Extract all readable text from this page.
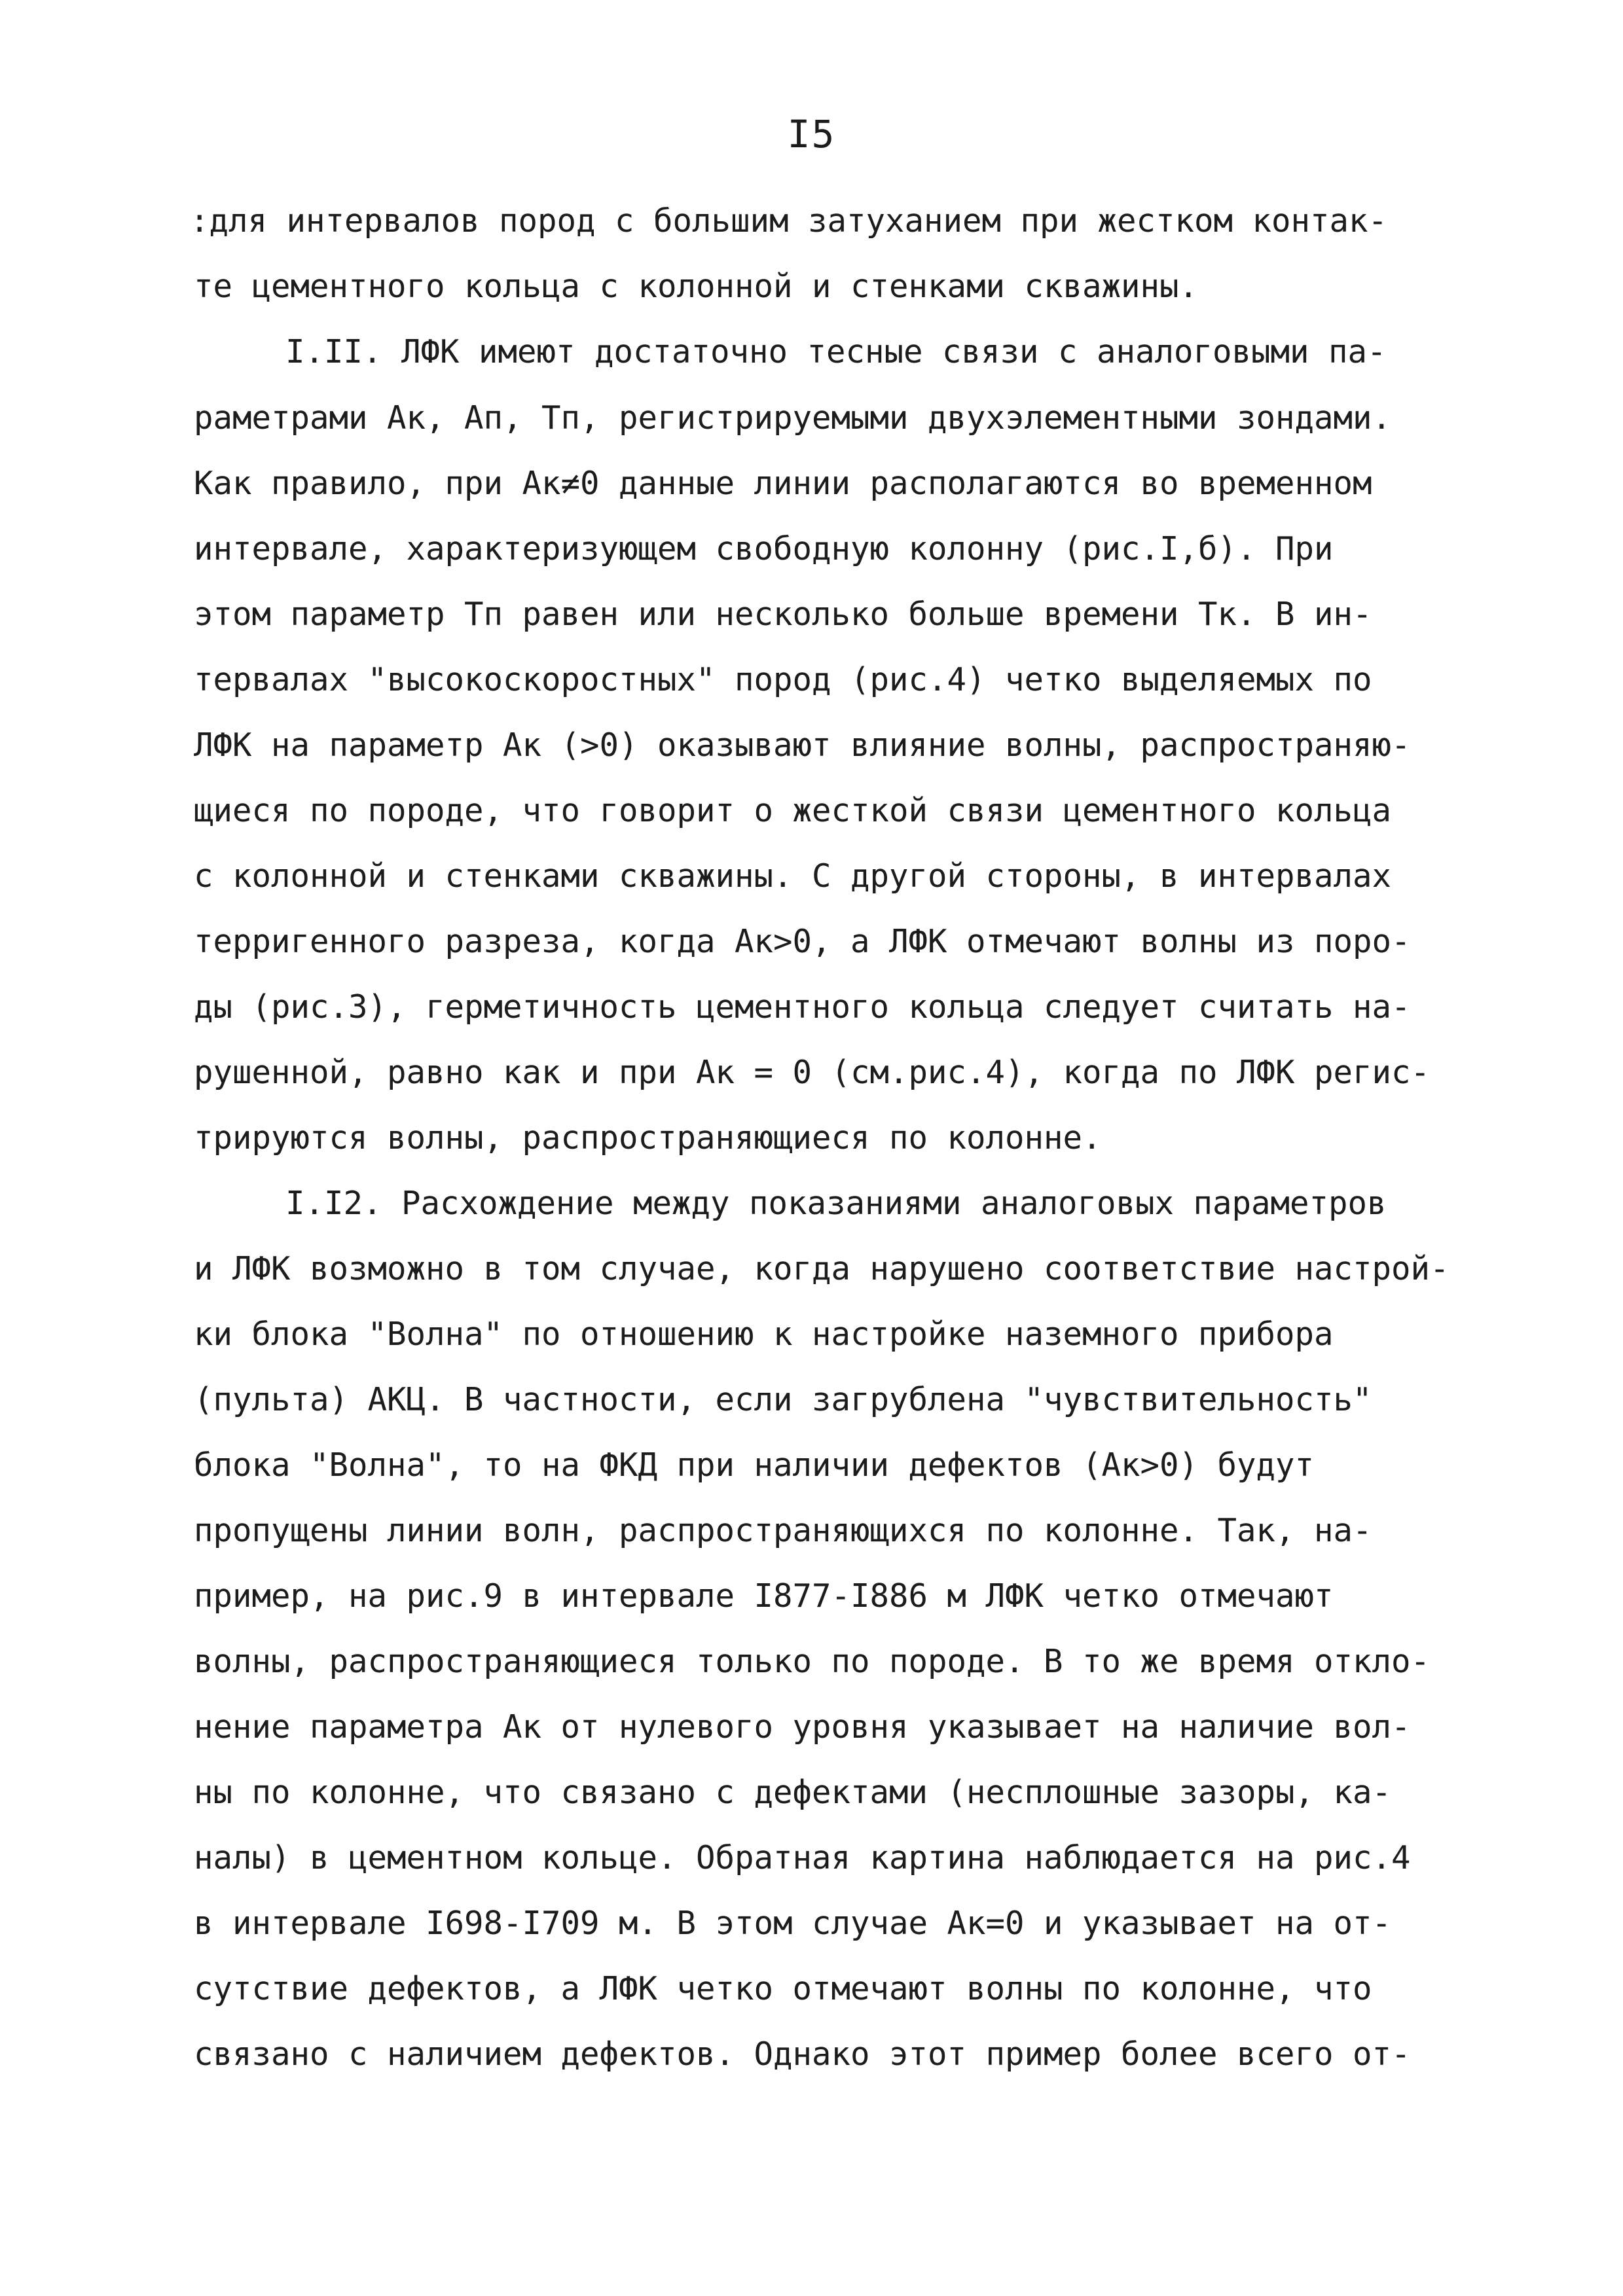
I5
:для интервалов пород с большим затуханием при жестком контак-
те цементного кольца с колонной и стенками скважины.
I.II. ЛФК имеют достаточно тесные связи с аналоговыми па-
раметрами Ак, Ап, Тп, регистрируемыми двухэлементными зондами.
Как правило, при Ак≠0 данные линии располагаются во временном
интервале, характеризующем свободную колонну (рис.I,б). При
этом параметр Тп равен или несколько больше времени Тк. В ин-
тервалах "высокоскоростных" пород (рис.4) четко выделяемых по
ЛФК на параметр Ак (>0) оказывают влияние волны, распространяю-
щиеся по породе, что говорит о жесткой связи цементного кольца
с колонной и стенками скважины. С другой стороны, в интервалах
терригенного разреза, когда Ак>0, а ЛФК отмечают волны из поро-
ды (рис.3), герметичность цементного кольца следует считать на-
рушенной, равно как и при Ак = 0 (см.рис.4), когда по ЛФК регис-
трируются волны, распространяющиеся по колонне.
I.I2. Расхождение между показаниями аналоговых параметров
и ЛФК возможно в том случае, когда нарушено соответствие настрой-
ки блока "Волна" по отношению к настройке наземного прибора
(пульта) АКЦ. В частности, если загрублена "чувствительность"
блока "Волна", то на ФКД при наличии дефектов (Ак>0) будут
пропущены линии волн, распространяющихся по колонне. Так, на-
пример, на рис.9 в интервале I877-I886 м ЛФК четко отмечают
волны, распространяющиеся только по породе. В то же время откло-
нение параметра Ак от нулевого уровня указывает на наличие вол-
ны по колонне, что связано с дефектами (несплошные зазоры, ка-
налы) в цементном кольце. Обратная картина наблюдается на рис.4
в интервале I698-I709 м. В этом случае Ак=0 и указывает на от-
сутствие дефектов, а ЛФК четко отмечают волны по колонне, что
связано с наличием дефектов. Однако этот пример более всего от-
